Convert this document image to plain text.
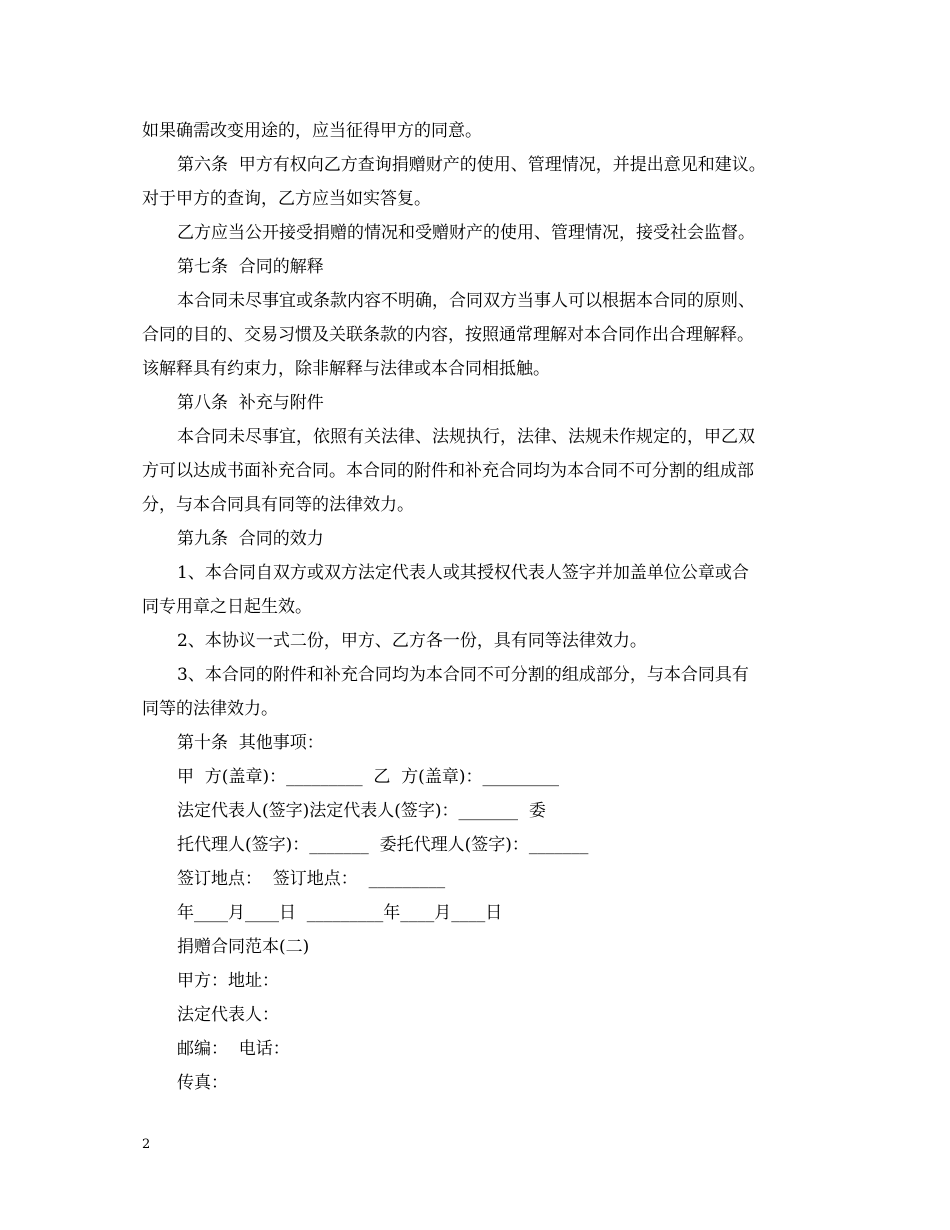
如果确需改变用途的，应当征得甲方的同意。
第六条  甲方有权向乙方查询捐赠财产的使用、管理情况，并提出意见和建议。
对于甲方的查询，乙方应当如实答复。
乙方应当公开接受捐赠的情况和受赠财产的使用、管理情况，接受社会监督。
第七条  合同的解释
本合同未尽事宜或条款内容不明确，合同双方当事人可以根据本合同的原则、
合同的目的、交易习惯及关联条款的内容，按照通常理解对本合同作出合理解释。
该解释具有约束力，除非解释与法律或本合同相抵触。
第八条  补充与附件
本合同未尽事宜，依照有关法律、法规执行，法律、法规未作规定的，甲乙双
方可以达成书面补充合同。本合同的附件和补充合同均为本合同不可分割的组成部
分，与本合同具有同等的法律效力。
第九条  合同的效力
1、本合同自双方或双方法定代表人或其授权代表人签字并加盖单位公章或合
同专用章之日起生效。
2、本协议一式二份，甲方、乙方各一份，具有同等法律效力。
3、本合同的附件和补充合同均为本合同不可分割的组成部分，与本合同具有
同等的法律效力。
第十条  其他事项：
甲  方(盖章)：_________  乙  方(盖章)：_________
法定代表人(签字)法定代表人(签字)：_______  委
托代理人(签字)：_______  委托代理人(签字)：_______
签订地点：  签订地点：  _________
年____月____日  _________年____月____日
捐赠合同范本(二)
甲方：地址：
法定代表人：
邮编：  电话：
传真：
2
